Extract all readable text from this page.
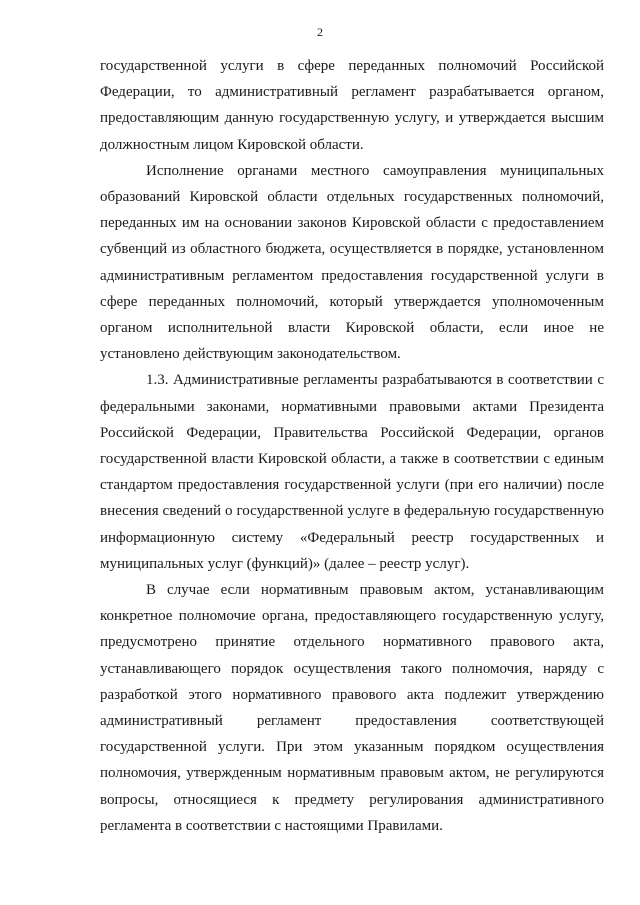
2

государственной услуги в сфере переданных полномочий Российской Федерации, то административный регламент разрабатывается органом, предоставляющим данную государственную услугу, и утверждается высшим должностным лицом Кировской области.

Исполнение органами местного самоуправления муниципальных образований Кировской области отдельных государственных полномочий, переданных им на основании законов Кировской области с предоставлением субвенций из областного бюджета, осуществляется в порядке, установленном административным регламентом предоставления государственной услуги в сфере переданных полномочий, который утверждается уполномоченным органом исполнительной власти Кировской области, если иное не установлено действующим законодательством.

1.3. Административные регламенты разрабатываются в соответствии с федеральными законами, нормативными правовыми актами Президента Российской Федерации, Правительства Российской Федерации, органов государственной власти Кировской области, а также в соответствии с единым стандартом предоставления государственной услуги (при его наличии) после внесения сведений о государственной услуге в федеральную государственную информационную систему «Федеральный реестр государственных и муниципальных услуг (функций)» (далее – реестр услуг).

В случае если нормативным правовым актом, устанавливающим конкретное полномочие органа, предоставляющего государственную услугу, предусмотрено принятие отдельного нормативного правового акта, устанавливающего порядок осуществления такого полномочия, наряду с разработкой этого нормативного правового акта подлежит утверждению административный регламент предоставления соответствующей государственной услуги. При этом указанным порядком осуществления полномочия, утвержденным нормативным правовым актом, не регулируются вопросы, относящиеся к предмету регулирования административного регламента в соответствии с настоящими Правилами.
